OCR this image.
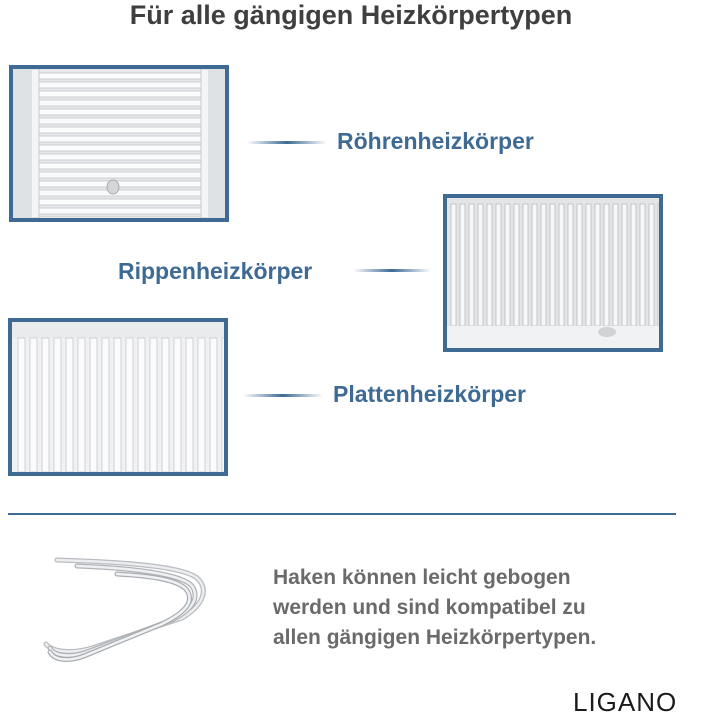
Für alle gängigen Heizkörpertypen
Röhrenheizkörper
Rippenheizkörper
Plattenheizkörper
Haken können leicht gebogen
werden und sind kompatibel zu
allen gängigen Heizkörpertypen.
LIGANO
